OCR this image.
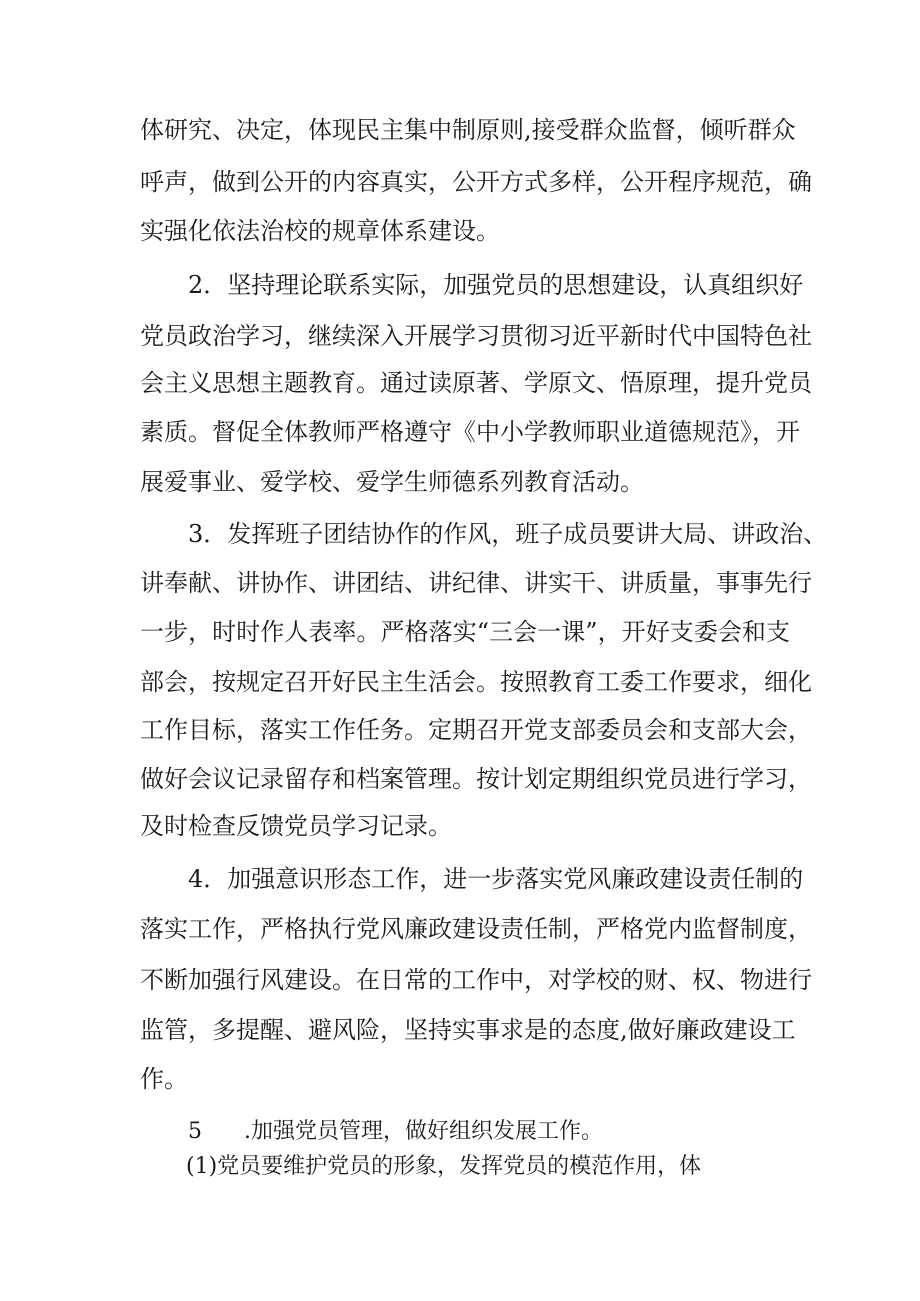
体研究、决定，体现民主集中制原则,接受群众监督，倾听群众
呼声，做到公开的内容真实，公开方式多样，公开程序规范，确
实强化依法治校的规章体系建设。
2．坚持理论联系实际，加强党员的思想建设，认真组织好
党员政治学习，继续深入开展学习贯彻习近平新时代中国特色社
会主义思想主题教育。通过读原著、学原文、悟原理，提升党员
素质。督促全体教师严格遵守《中小学教师职业道德规范》，开
展爱事业、爱学校、爱学生师德系列教育活动。
3．发挥班子团结协作的作风，班子成员要讲大局、讲政治、
讲奉献、讲协作、讲团结、讲纪律、讲实干、讲质量，事事先行
一步，时时作人表率。严格落实“三会一课”，开好支委会和支
部会，按规定召开好民主生活会。按照教育工委工作要求，细化
工作目标，落实工作任务。定期召开党支部委员会和支部大会，
做好会议记录留存和档案管理。按计划定期组织党员进行学习，
及时检查反馈党员学习记录。
4．加强意识形态工作，进一步落实党风廉政建设责任制的
落实工作，严格执行党风廉政建设责任制，严格党内监督制度，
不断加强行风建设。在日常的工作中，对学校的财、权、物进行
监管，多提醒、避风险，坚持实事求是的态度,做好廉政建设工
作。
5 .加强党员管理，做好组织发展工作。
(1)党员要维护党员的形象，发挥党员的模范作用，体
